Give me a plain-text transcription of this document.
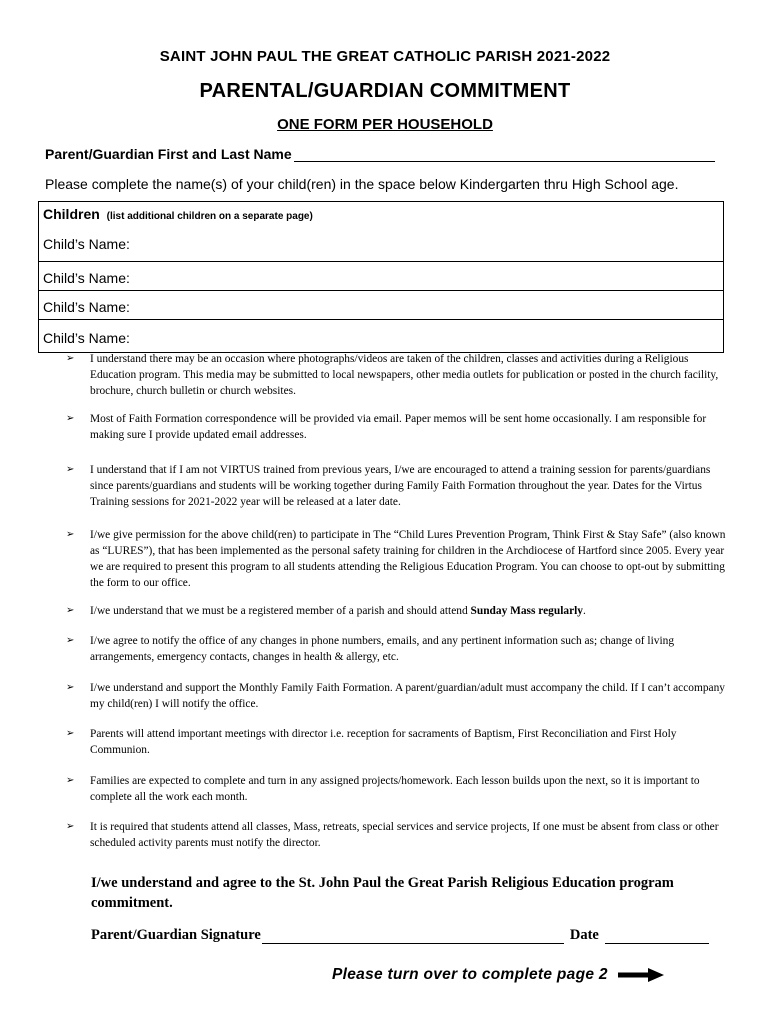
SAINT JOHN PAUL THE GREAT CATHOLIC PARISH 2021-2022
PARENTAL/GUARDIAN COMMITMENT
ONE FORM PER HOUSEHOLD
Parent/Guardian First and Last Name
Please complete the name(s) of your child(ren) in the space below Kindergarten thru High School age.
Children (list additional children on a separate page)
Child’s Name:
Child’s Name:
Child’s Name:
Child’s Name:
➢ I understand there may be an occasion where photographs/videos are taken of the children, classes and activities during a Religious Education program. This media may be submitted to local newspapers, other media outlets for publication or posted in the church facility, brochure, church bulletin or church websites.
➢ Most of Faith Formation correspondence will be provided via email. Paper memos will be sent home occasionally. I am responsible for making sure I provide updated email addresses.
➢ I understand that if I am not VIRTUS trained from previous years, I/we are encouraged to attend a training session for parents/guardians since parents/guardians and students will be working together during Family Faith Formation throughout the year. Dates for the Virtus Training sessions for 2021-2022 year will be released at a later date.
➢ I/we give permission for the above child(ren) to participate in The “Child Lures Prevention Program, Think First & Stay Safe” (also known as “LURES”), that has been implemented as the personal safety training for children in the Archdiocese of Hartford since 2005. Every year we are required to present this program to all students attending the Religious Education Program. You can choose to opt-out by submitting the form to our office.
➢ I/we understand that we must be a registered member of a parish and should attend Sunday Mass regularly.
➢ I/we agree to notify the office of any changes in phone numbers, emails, and any pertinent information such as; change of living arrangements, emergency contacts, changes in health & allergy, etc.
➢ I/we understand and support the Monthly Family Faith Formation. A parent/guardian/adult must accompany the child. If I can’t accompany my child(ren) I will notify the office.
➢ Parents will attend important meetings with director i.e. reception for sacraments of Baptism, First Reconciliation and First Holy Communion.
➢ Families are expected to complete and turn in any assigned projects/homework. Each lesson builds upon the next, so it is important to complete all the work each month.
➢ It is required that students attend all classes, Mass, retreats, special services and service projects, If one must be absent from class or other scheduled activity parents must notify the director.
I/we understand and agree to the St. John Paul the Great Parish Religious Education program commitment.
Parent/Guardian Signature	Date
Please turn over to complete page 2
